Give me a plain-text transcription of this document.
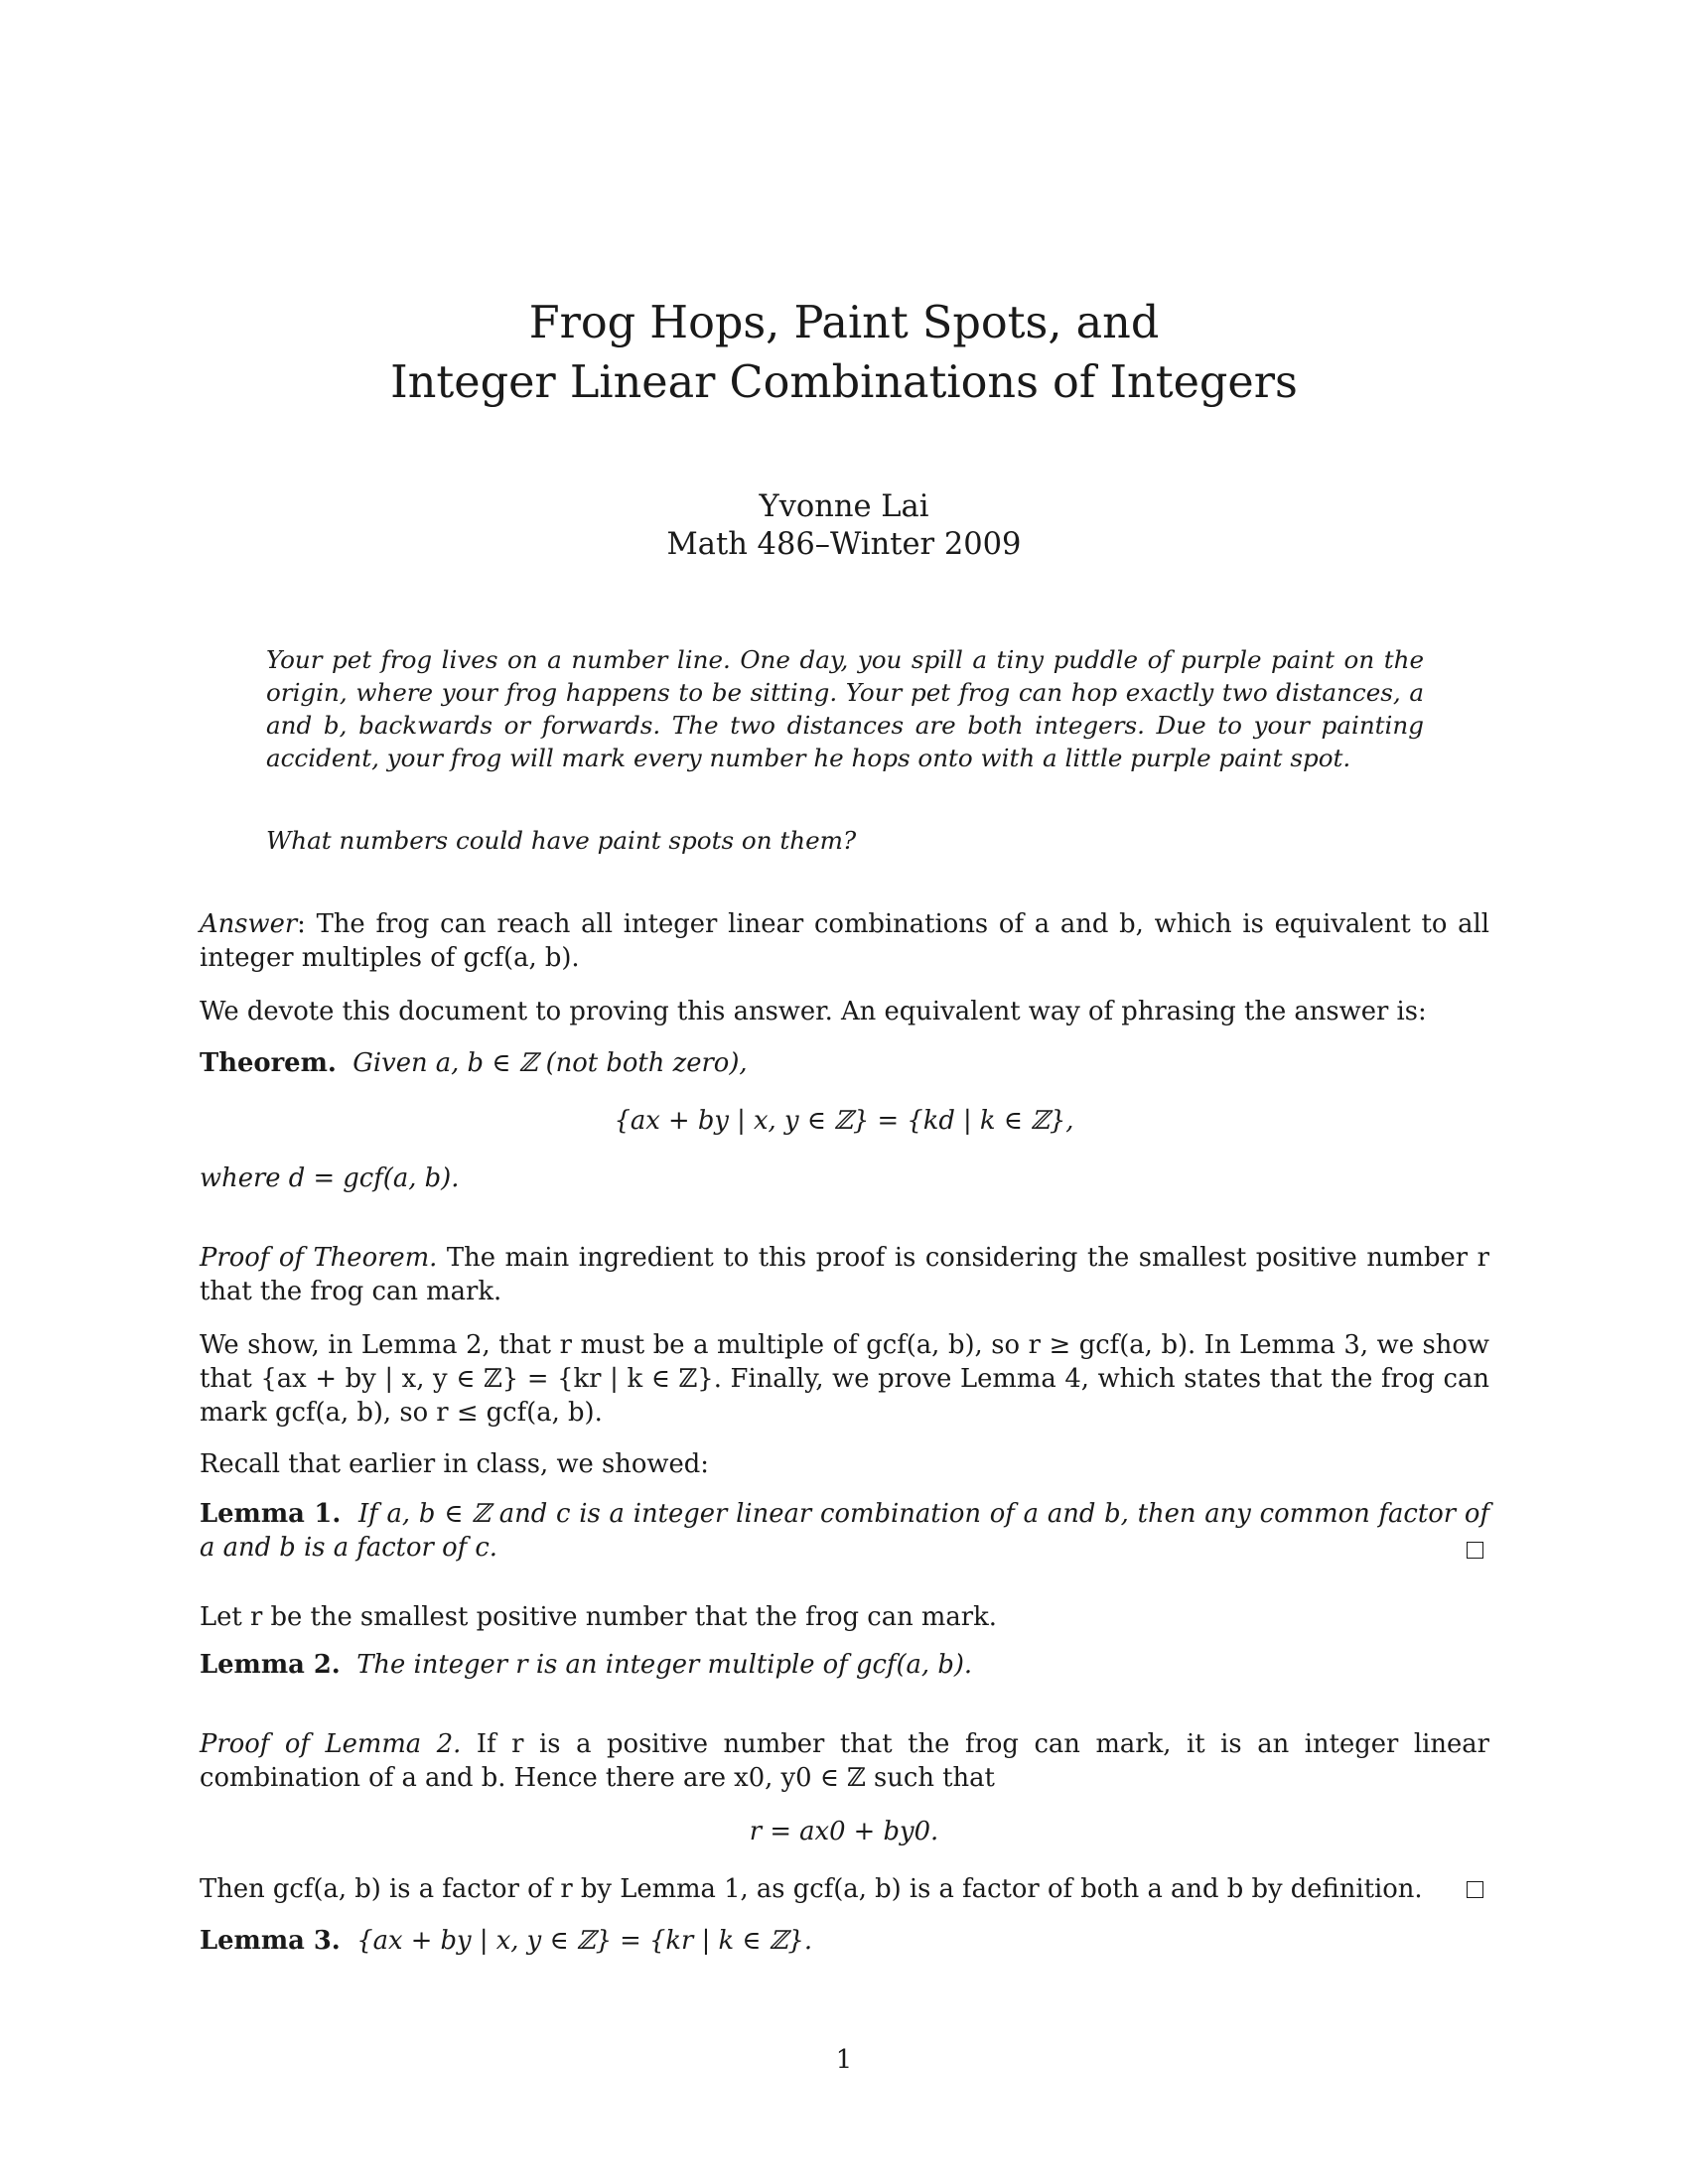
Frog Hops, Paint Spots, and
Integer Linear Combinations of Integers
Yvonne Lai
Math 486–Winter 2009

Your pet frog lives on a number line. One day, you spill a tiny puddle of purple paint on the origin, where your frog happens to be sitting. Your pet frog can hop exactly two distances, a and b, backwards or forwards. The two distances are both integers. Due to your painting accident, your frog will mark every number he hops onto with a little purple paint spot.

What numbers could have paint spots on them?

Answer: The frog can reach all integer linear combinations of a and b, which is equivalent to all integer multiples of gcf(a, b).

We devote this document to proving this answer. An equivalent way of phrasing the answer is:

Theorem. Given a, b ∈ ℤ (not both zero),

{ax + by | x, y ∈ ℤ} = {kd | k ∈ ℤ},

where d = gcf(a, b).

Proof of Theorem. The main ingredient to this proof is considering the smallest positive number r that the frog can mark.

We show, in Lemma 2, that r must be a multiple of gcf(a, b), so r ≥ gcf(a, b). In Lemma 3, we show that {ax + by | x, y ∈ ℤ} = {kr | k ∈ ℤ}. Finally, we prove Lemma 4, which states that the frog can mark gcf(a, b), so r ≤ gcf(a, b).

Recall that earlier in class, we showed:

Lemma 1. If a, b ∈ ℤ and c is a integer linear combination of a and b, then any common factor of a and b is a factor of c.

Let r be the smallest positive number that the frog can mark.

Lemma 2. The integer r is an integer multiple of gcf(a, b).

Proof of Lemma 2. If r is a positive number that the frog can mark, it is an integer linear combination of a and b. Hence there are x0, y0 ∈ ℤ such that

r = ax0 + by0.

Then gcf(a, b) is a factor of r by Lemma 1, as gcf(a, b) is a factor of both a and b by definition.

Lemma 3. {ax + by | x, y ∈ ℤ} = {kr | k ∈ ℤ}.

1
